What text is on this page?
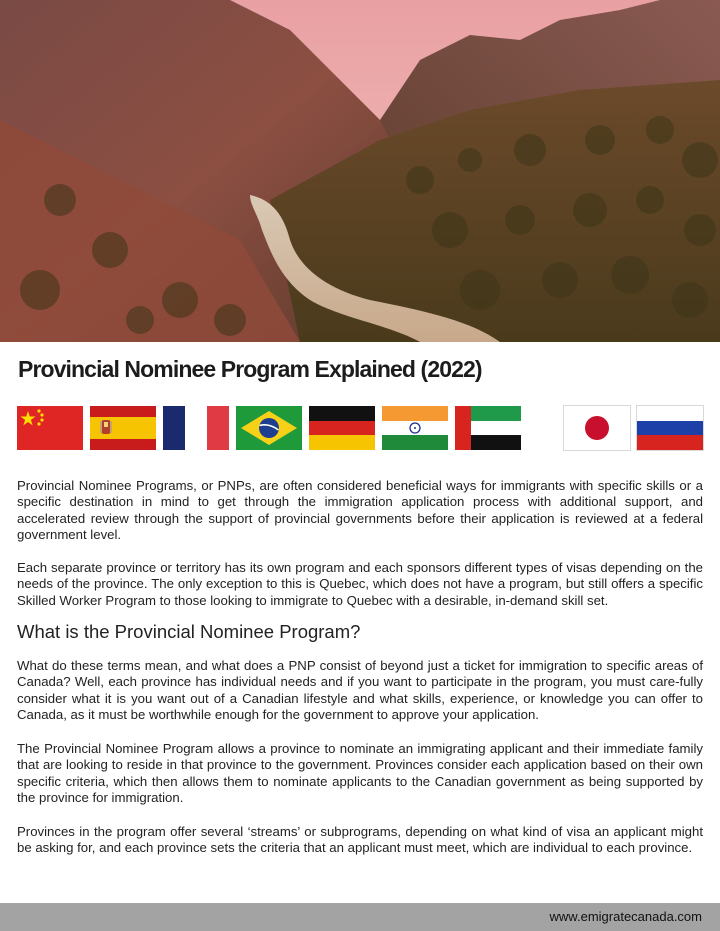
Provincial Nominee Program Explained (2022)

Provincial Nominee Programs, or PNPs, are often considered beneficial ways for immigrants with specific skills or a specific destination in mind to get through the immigration application process with additional support, and accelerated review through the support of provincial governments before their application is reviewed at a federal government level.

Each separate province or territory has its own program and each sponsors different types of visas depending on the needs of the province. The only exception to this is Quebec, which does not have a program, but still offers a specific Skilled Worker Program to those looking to immigrate to Quebec with a desirable, in-demand skill set.

What is the Provincial Nominee Program?

What do these terms mean, and what does a PNP consist of beyond just a ticket for immigration to specific areas of Canada? Well, each province has individual needs and if you want to participate in the program, you must care-fully consider what it is you want out of a Canadian lifestyle and what skills, experience, or knowledge you can offer to Canada, as it must be worthwhile enough for the government to approve your application.

The Provincial Nominee Program allows a province to nominate an immigrating applicant and their immediate family that are looking to reside in that province to the government. Provinces consider each application based on their own specific criteria, which then allows them to nominate applicants to the Canadian government as being supported by the province for immigration.

Provinces in the program offer several ‘streams’ or subprograms, depending on what kind of visa an applicant might be asking for, and each province sets the criteria that an applicant must meet, which are individual to each province.

www.emigratecanada.com
